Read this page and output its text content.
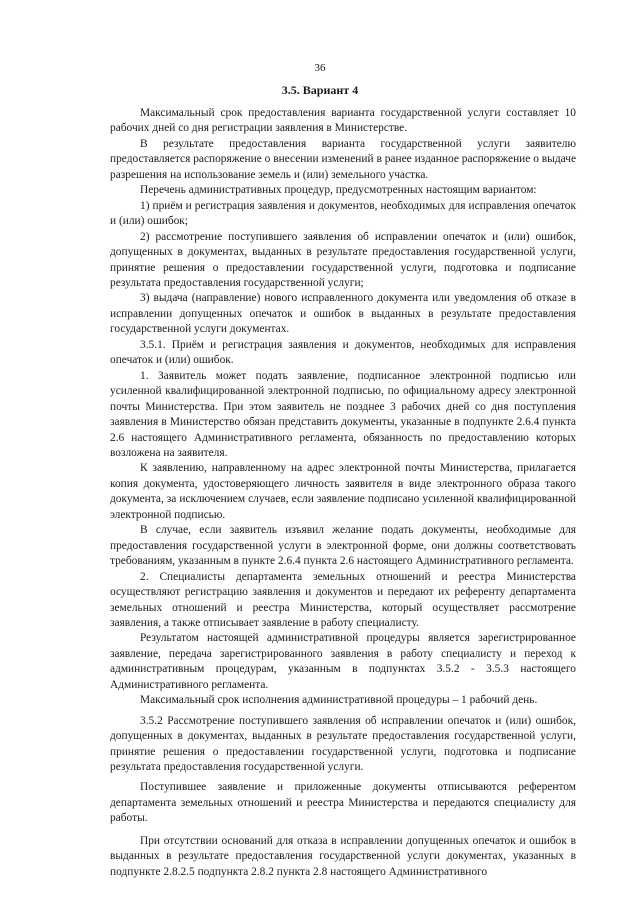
36
3.5. Вариант 4

Максимальный срок предоставления варианта государственной услуги составляет 10 рабочих дней со дня регистрации заявления в Министерстве.

В результате предоставления варианта государственной услуги заявителю предоставляется распоряжение о внесении изменений в ранее изданное распоряжение о выдаче разрешения на использование земель и (или) земельного участка.

Перечень административных процедур, предусмотренных настоящим вариантом:

1) приём и регистрация заявления и документов, необходимых для исправления опечаток и (или) ошибок;

2) рассмотрение поступившего заявления об исправлении опечаток и (или) ошибок, допущенных в документах, выданных в результате предоставления государственной услуги, принятие решения о предоставлении государственной услуги, подготовка и подписание результата предоставления государственной услуги;

3) выдача (направление) нового исправленного документа или уведомления об отказе в исправлении допущенных опечаток и ошибок в выданных в результате предоставления государственной услуги документах.

3.5.1. Приём и регистрация заявления и документов, необходимых для исправления опечаток и (или) ошибок.

1. Заявитель может подать заявление, подписанное электронной подписью или усиленной квалифицированной электронной подписью, по официальному адресу электронной почты Министерства. При этом заявитель не позднее 3 рабочих дней со дня поступления заявления в Министерство обязан представить документы, указанные в подпункте 2.6.4 пункта 2.6 настоящего Административного регламента, обязанность по предоставлению которых возложена на заявителя.

К заявлению, направленному на адрес электронной почты Министерства, прилагается копия документа, удостоверяющего личность заявителя в виде электронного образа такого документа, за исключением случаев, если заявление подписано усиленной квалифицированной электронной подписью.

В случае, если заявитель изъявил желание подать документы, необходимые для предоставления государственной услуги в электронной форме, они должны соответствовать требованиям, указанным в пункте 2.6.4 пункта 2.6 настоящего Административного регламента.

2. Специалисты департамента земельных отношений и реестра Министерства осуществляют регистрацию заявления и документов и передают их референту департамента земельных отношений и реестра Министерства, который осуществляет рассмотрение заявления, а также отписывает заявление в работу специалисту.

Результатом настоящей административной процедуры является зарегистрированное заявление, передача зарегистрированного заявления в работу специалисту и переход к административным процедурам, указанным в подпунктах 3.5.2 - 3.5.3 настоящего Административного регламента.

Максимальный срок исполнения административной процедуры – 1 рабочий день.

3.5.2 Рассмотрение поступившего заявления об исправлении опечаток и (или) ошибок, допущенных в документах, выданных в результате предоставления государственной услуги, принятие решения о предоставлении государственной услуги, подготовка и подписание результата предоставления государственной услуги.

Поступившее заявление и приложенные документы отписываются референтом департамента земельных отношений и реестра Министерства и передаются специалисту для работы.

При отсутствии оснований для отказа в исправлении допущенных опечаток и ошибок в выданных в результате предоставления государственной услуги документах, указанных в подпункте 2.8.2.5 подпункта 2.8.2 пункта 2.8 настоящего Административного
